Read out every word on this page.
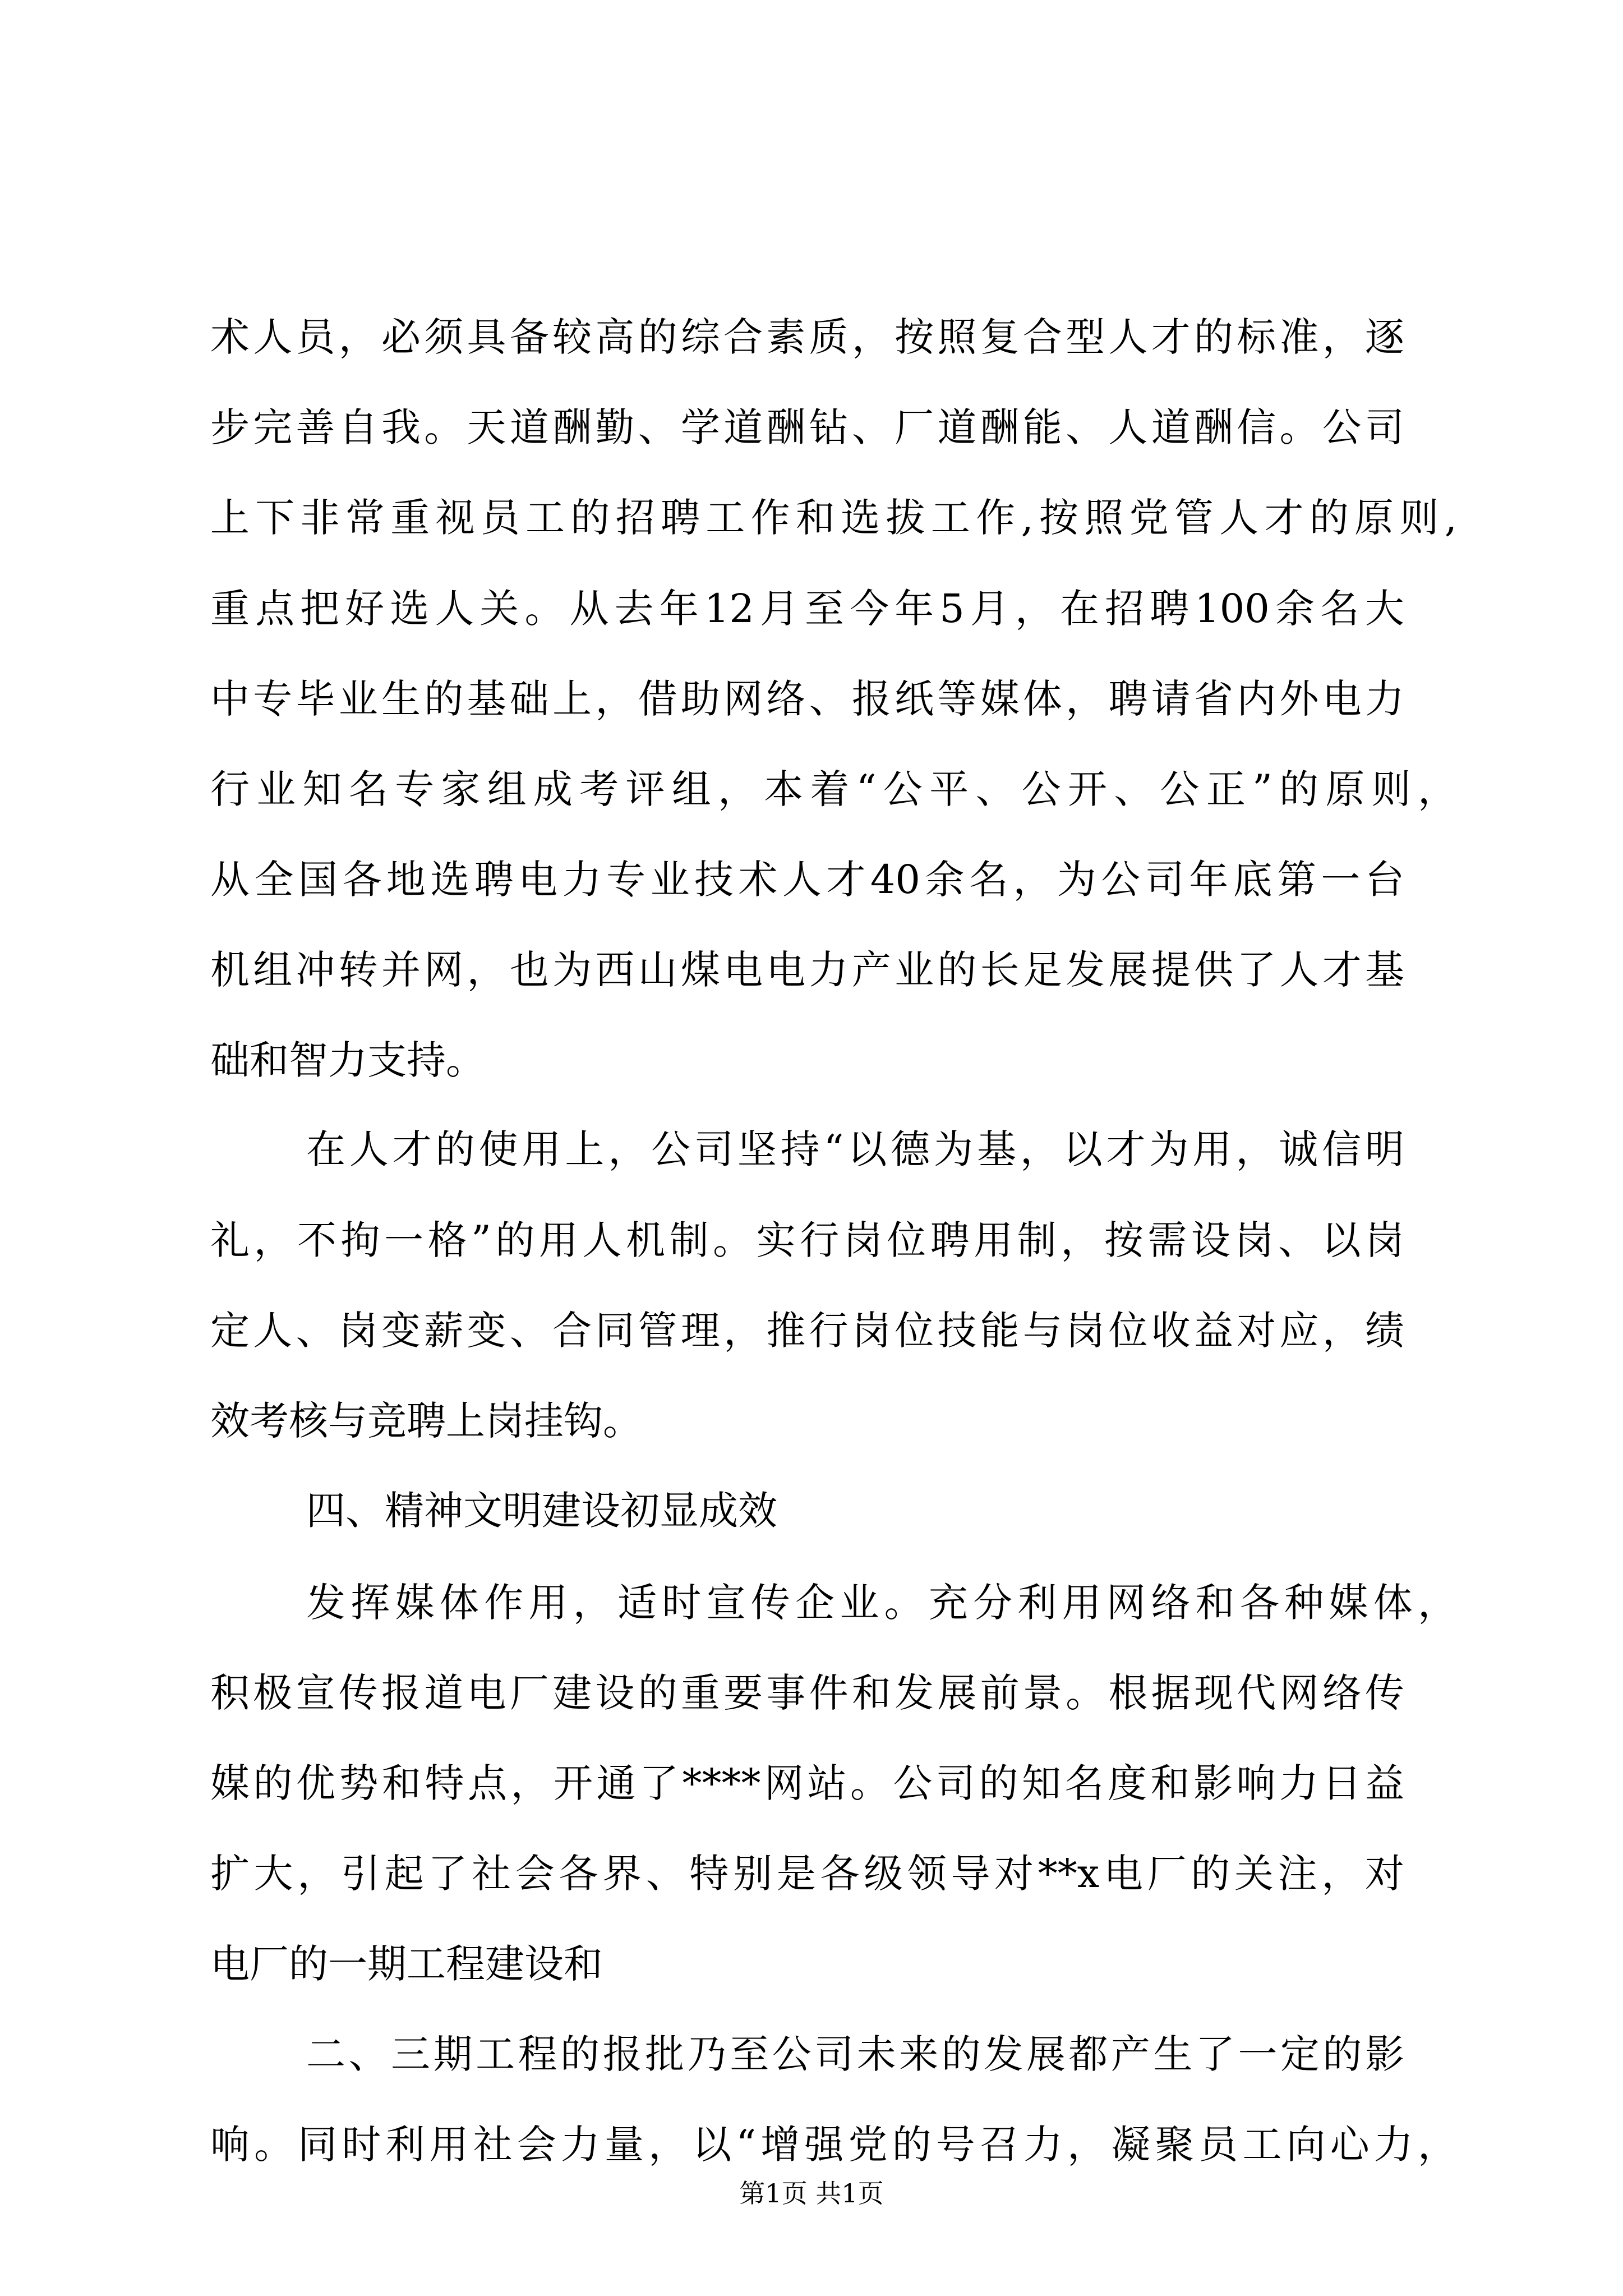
术人员，必须具备较高的综合素质，按照复合型人才的标准，逐
步完善自我。天道酬勤、学道酬钻、厂道酬能、人道酬信。公司
上下非常重视员工的招聘工作和选拔工作,按照党管人才的原则,
重点把好选人关。从去年12月至今年5月，在招聘100余名大
中专毕业生的基础上，借助网络、报纸等媒体，聘请省内外电力
行业知名专家组成考评组，本着“公平、公开、公正”的原则，
从全国各地选聘电力专业技术人才40余名，为公司年底第一台
机组冲转并网，也为西山煤电电力产业的长足发展提供了人才基
础和智力支持。
在人才的使用上，公司坚持“以德为基，以才为用，诚信明
礼，不拘一格”的用人机制。实行岗位聘用制，按需设岗、以岗
定人、岗变薪变、合同管理，推行岗位技能与岗位收益对应，绩
效考核与竞聘上岗挂钩。
四、精神文明建设初显成效
发挥媒体作用，适时宣传企业。充分利用网络和各种媒体，
积极宣传报道电厂建设的重要事件和发展前景。根据现代网络传
媒的优势和特点，开通了****网站。公司的知名度和影响力日益
扩大，引起了社会各界、特别是各级领导对**x电厂的关注，对
电厂的一期工程建设和
二、三期工程的报批乃至公司未来的发展都产生了一定的影
响。同时利用社会力量，以“增强党的号召力，凝聚员工向心力，
第1页 共1页
